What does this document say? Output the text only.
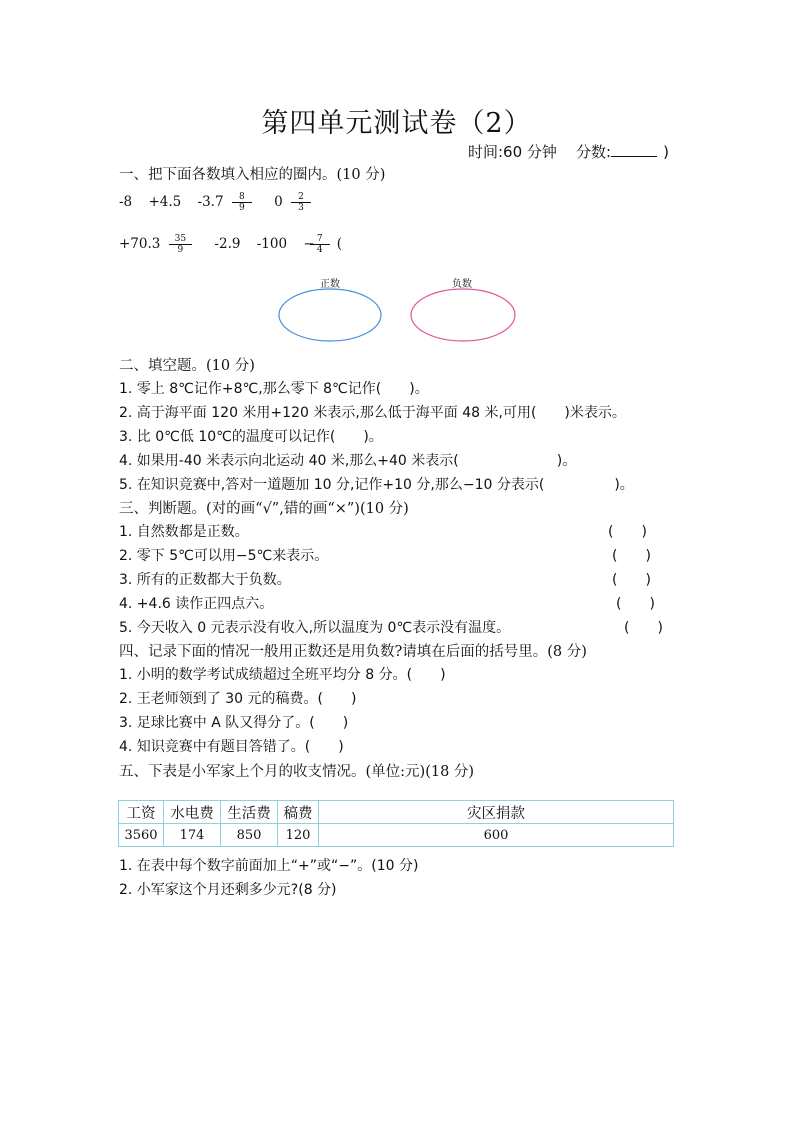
第四单元测试卷（2）
时间:60 分钟 分数:	)
一、把下面各数填入相应的圈内。(10 分)
-8 +4.5 $-3.7 \frac{8}{9} 0 \frac{2}{3}$
$+70.3 \frac{35}{9} -2.9$ $-100 - \frac{7}{4}$ (
正数	负数
二、填空题。(10 分)
1. 零上 8℃记作+8℃,那么零下 8℃记作(　　)。
2. 高于海平面 120 米用+120 米表示,那么低于海平面 48 米,可用(　　)米表示。
3. 比 0℃低 10℃的温度可以记作(　　)。
4. 如果用-40 米表示向北运动 40 米,那么+40 米表示(　　　　　　　)。
5. 在知识竞赛中,答对一道题加 10 分,记作+10 分,那么−10 分表示(　　　　　)。
三、判断题。(对的画“√”,错的画“×”)(10 分)
1. 自然数都是正数。	(　　)
2. 零下 5℃可以用−5℃来表示。	(　　)
3. 所有的正数都大于负数。	(　　)
4. +4.6 读作正四点六。	(　　)
5. 今天收入 0 元表示没有收入,所以温度为 0℃表示没有温度。	(　　)
四、记录下面的情况一般用正数还是用负数?请填在后面的括号里。(8 分)
1. 小明的数学考试成绩超过全班平均分 8 分。(　　)
2. 王老师领到了 30 元的稿费。(　　)
3. 足球比赛中 A 队又得分了。(　　)
4. 知识竞赛中有题目答错了。(　　)
五、下表是小军家上个月的收支情况。(单位:元)(18 分)
工资	水电费	生活费	稿费	灾区捐款
3560	174	850	120	600
1. 在表中每个数字前面加上“+”或“−”。(10 分)
2. 小军家这个月还剩多少元?(8 分)
